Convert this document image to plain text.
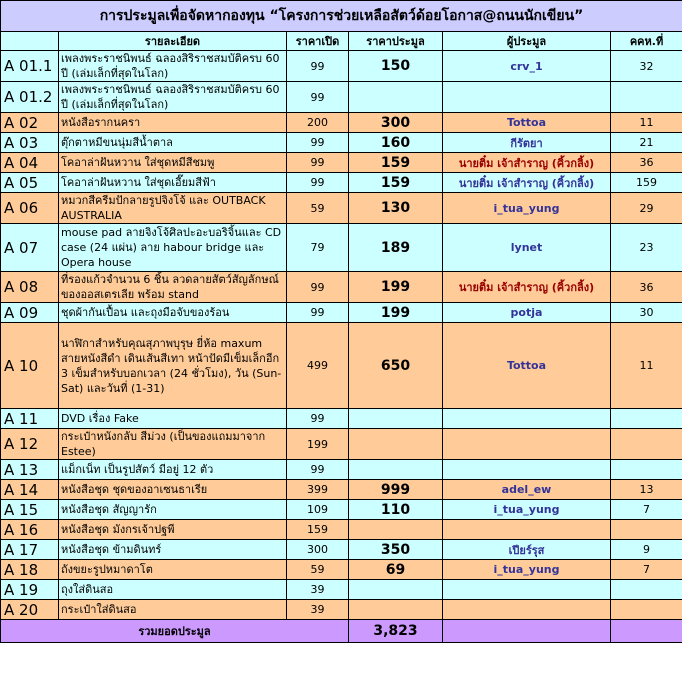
การประมูลเพื่อจัดหากองทุน “โครงการช่วยเหลือสัตว์ด้อยโอกาส@ถนนนักเขียน”					
	รายละเอียด	ราคาเปิด	ราคาประมูล	ผู้ประมูล	คคห.ที่
A 01.1	เพลงพระราชนิพนธ์ ฉลองสิริราชสมบัติครบ 60 ปี (เล่มเล็กที่สุดในโลก)	99	150	crv_1	32
A 01.2	เพลงพระราชนิพนธ์ ฉลองสิริราชสมบัติครบ 60 ปี (เล่มเล็กที่สุดในโลก)	99			
A 02	หนังสือรากนครา	200	300	Tottoa	11
A 03	ตุ๊กตาหมีขนนุ่มสีน้ำตาล	99	160	กีรัตยา	21
A 04	โคอาล่าฝันหวาน ใส่ชุดหมีสีชมพู	99	159	นายติ๋ม เจ้าสำราญ (คิ้วกลิ้ง)	36
A 05	โคอาล่าฝันหวาน ใส่ชุดเอี๊ยมสีฟ้า	99	159	นายติ๋ม เจ้าสำราญ (คิ้วกลิ้ง)	159
A 06	หมวกสีครีมปักลายรูปจิงโจ้ และ OUTBACK AUSTRALIA	59	130	i_tua_yung	29
A 07	mouse pad ลายจิงโจ้ศิลปะอะบอริจิ้นและ CD case (24 แผ่น) ลาย habour bridge และ Opera house	79	189	lynet	23
A 08	ที่รองแก้วจำนวน 6 ชิ้น ลวดลายสัตว์สัญลักษณ์ของออสเตรเลีย พร้อม stand	99	199	นายติ๋ม เจ้าสำราญ (คิ้วกลิ้ง)	36
A 09	ชุดผ้ากันเปื้อน และถุงมือจับของร้อน	99	199	potja	30
A 10	นาฬิกาสำหรับคุณสุภาพบุรุษ ยี่ห้อ maxum สายหนังสีดำ เดินเส้นสีเทา หน้าปัดมีเข็มเล็กอีก 3 เข็มสำหรับบอกเวลา (24 ชั่วโมง), วัน (Sun-Sat) และวันที่ (1-31)	499	650	Tottoa	11
A 11	DVD เรื่อง Fake	99			
A 12	กระเป๋าหนังกลับ สีม่วง (เป็นของแถมมาจาก Estee)	199			
A 13	แม็กเน็ท เป็นรูปสัตว์ มีอยู่ 12 ตัว	99			
A 14	หนังสือชุด ชุดของอาเซนธาเรีย	399	999	adel_ew	13
A 15	หนังสือชุด สัญญารัก	109	110	i_tua_yung	7
A 16	หนังสือชุด มังกรเจ้าปฐพี	159			
A 17	หนังสือชุด ข้ามดินทร์	300	350	เปียร์รุส	9
A 18	ถังขยะรูปหมาดาโต	59	69	i_tua_yung	7
A 19	ถุงใส่ดินสอ	39			
A 20	กระเป๋าใส่ดินสอ	39			
รวมยอดประมูล			3,823		
